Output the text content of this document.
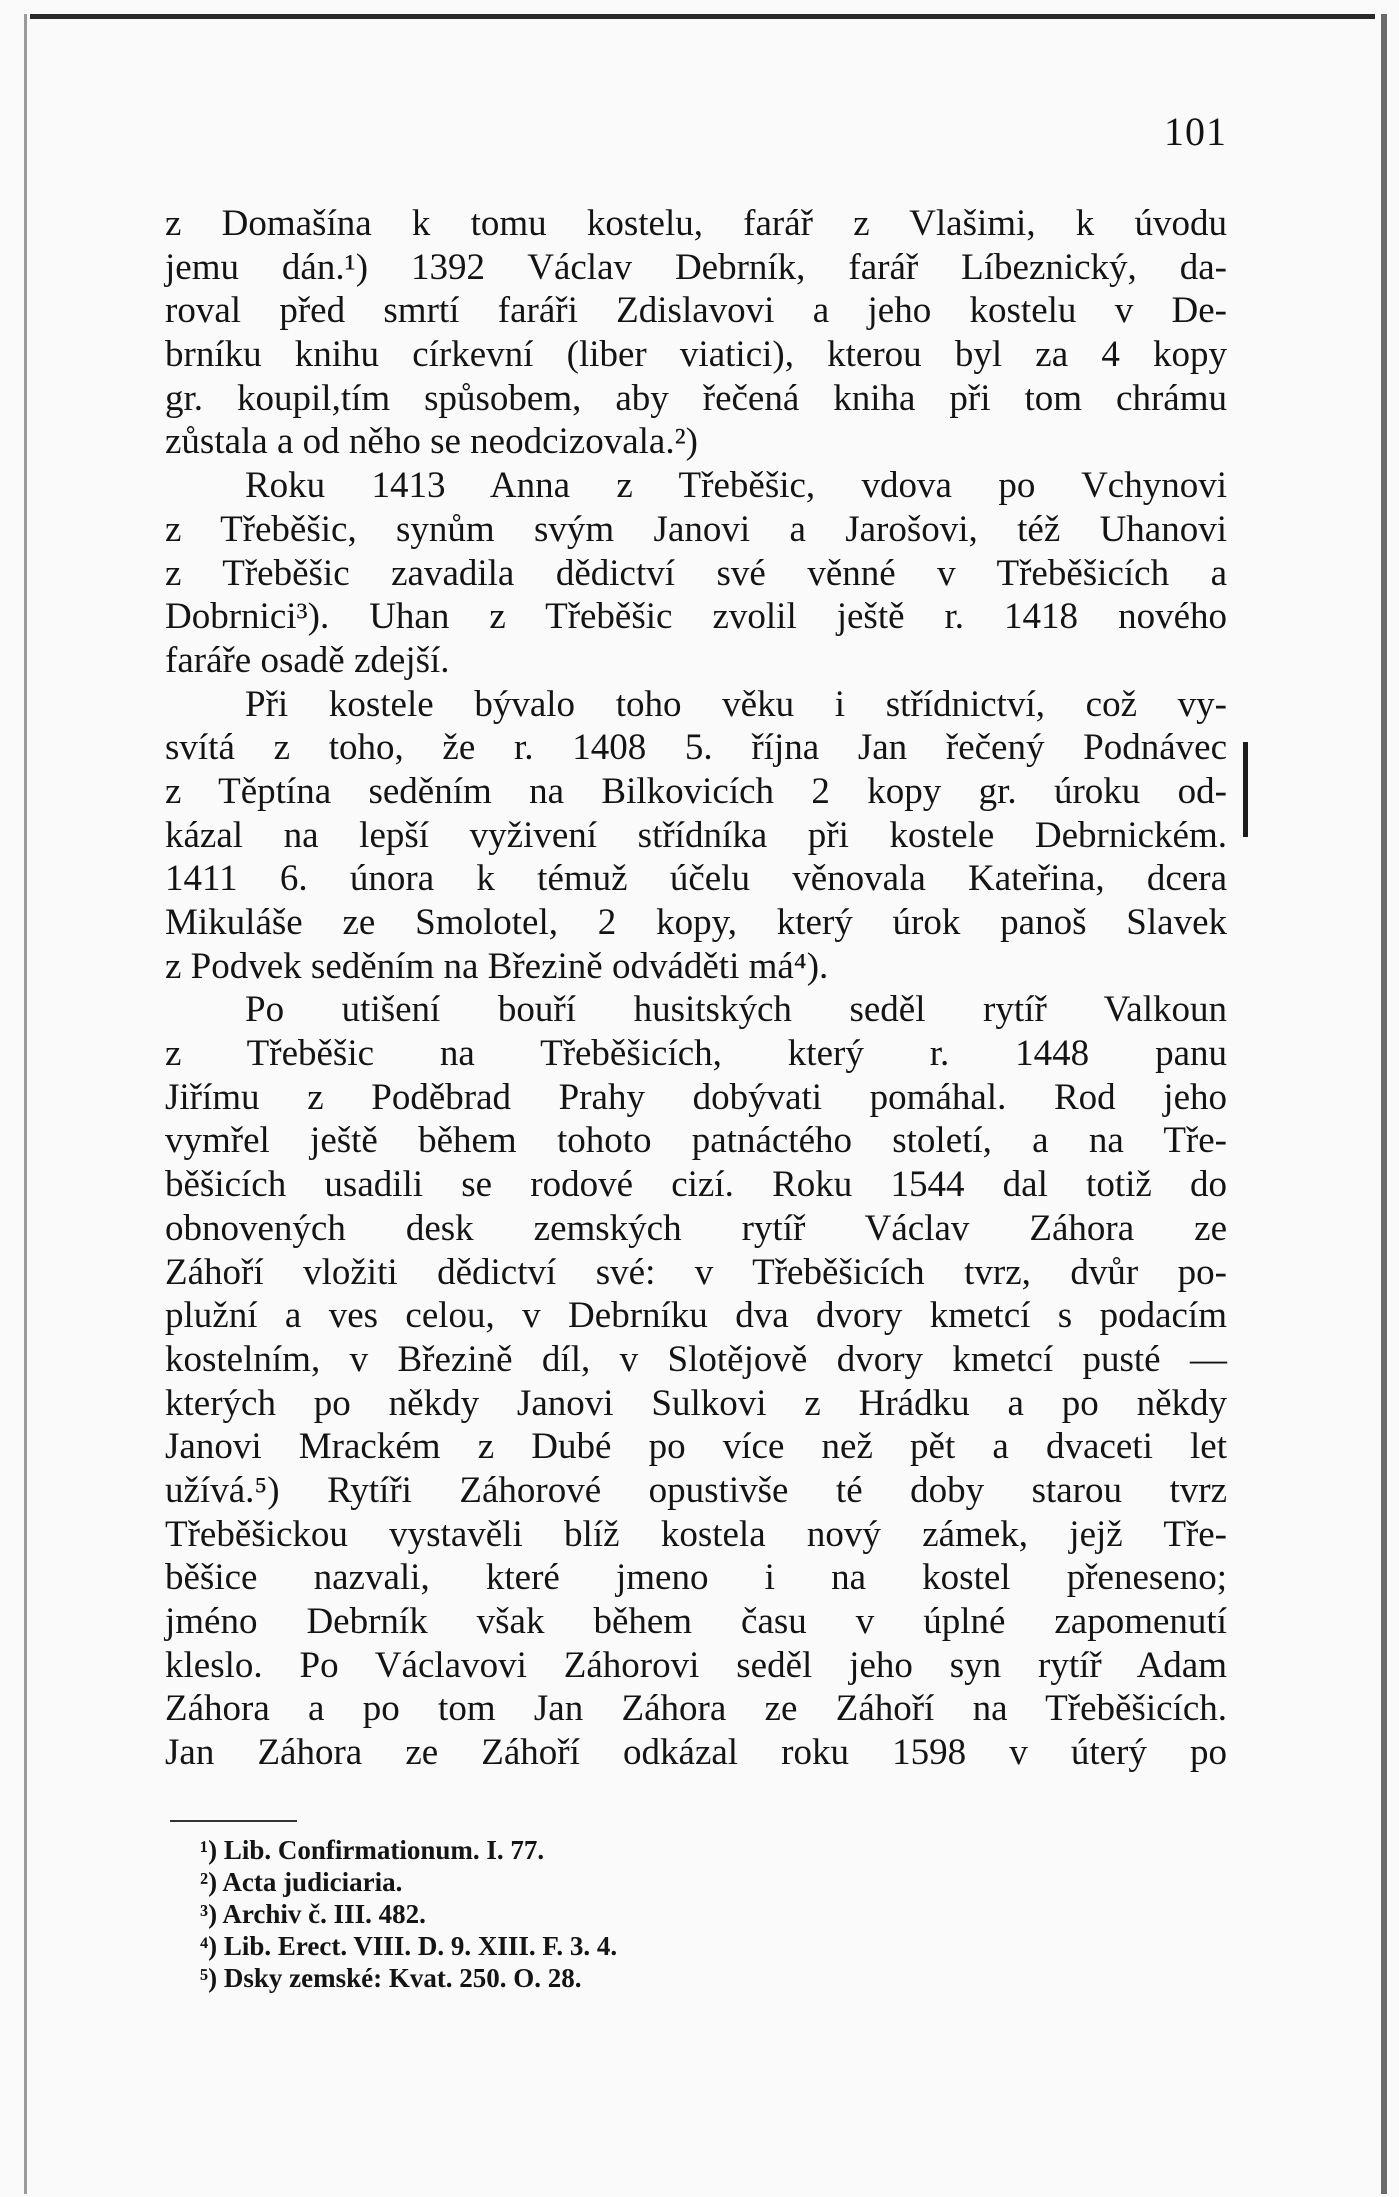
101
z Domašína k tomu kostelu, farář z Vlašimi, k úvodu
jemu dán.¹) 1392 Václav Debrník, farář Líbeznický, da-
roval před smrtí faráři Zdislavovi a jeho kostelu v De-
brníku knihu církevní (liber viatici), kterou byl za 4 kopy
gr. koupil,tím spůsobem, aby řečená kniha při tom chrámu
zůstala a od něho se neodcizovala.²)
Roku 1413 Anna z Třeběšic, vdova po Vchynovi
z Třeběšic, synům svým Janovi a Jarošovi, též Uhanovi
z Třeběšic zavadila dědictví své věnné v Třeběšicích a
Dobrnici³). Uhan z Třeběšic zvolil ještě r. 1418 nového
faráře osadě zdejší.
Při kostele bývalo toho věku i střídnictví, což vy-
svítá z toho, že r. 1408 5. října Jan řečený Podnávec
z Těptína seděním na Bilkovicích 2 kopy gr. úroku od-
kázal na lepší vyživení střídníka při kostele Debrnickém.
1411 6. února k témuž účelu věnovala Kateřina, dcera
Mikuláše ze Smolotel, 2 kopy, který úrok panoš Slavek
z Podvek seděním na Březině odváděti má⁴).
Po utišení bouří husitských seděl rytíř Valkoun
z Třeběšic na Třeběšicích, který r. 1448 panu
Jiřímu z Poděbrad Prahy dobývati pomáhal. Rod jeho
vymřel ještě během tohoto patnáctého století, a na Tře-
běšicích usadili se rodové cizí. Roku 1544 dal totiž do
obnovených desk zemských rytíř Václav Záhora ze
Záhoří vložiti dědictví své: v Třeběšicích tvrz, dvůr po-
plužní a ves celou, v Debrníku dva dvory kmetcí s podacím
kostelním, v Březině díl, v Slotějově dvory kmetcí pusté —
kterých po někdy Janovi Sulkovi z Hrádku a po někdy
Janovi Mrackém z Dubé po více než pět a dvaceti let
užívá.⁵) Rytíři Záhorové opustivše té doby starou tvrz
Třeběšickou vystavěli blíž kostela nový zámek, jejž Tře-
běšice nazvali, které jmeno i na kostel přeneseno;
jméno Debrník však během času v úplné zapomenutí
kleslo. Po Václavovi Záhorovi seděl jeho syn rytíř Adam
Záhora a po tom Jan Záhora ze Záhoří na Třeběšicích.
Jan Záhora ze Záhoří odkázal roku 1598 v úterý po
¹) Lib. Confirmationum. I. 77.
²) Acta judiciaria.
³) Archiv č. III. 482.
⁴) Lib. Erect. VIII. D. 9. XIII. F. 3. 4.
⁵) Dsky zemské: Kvat. 250. O. 28.
